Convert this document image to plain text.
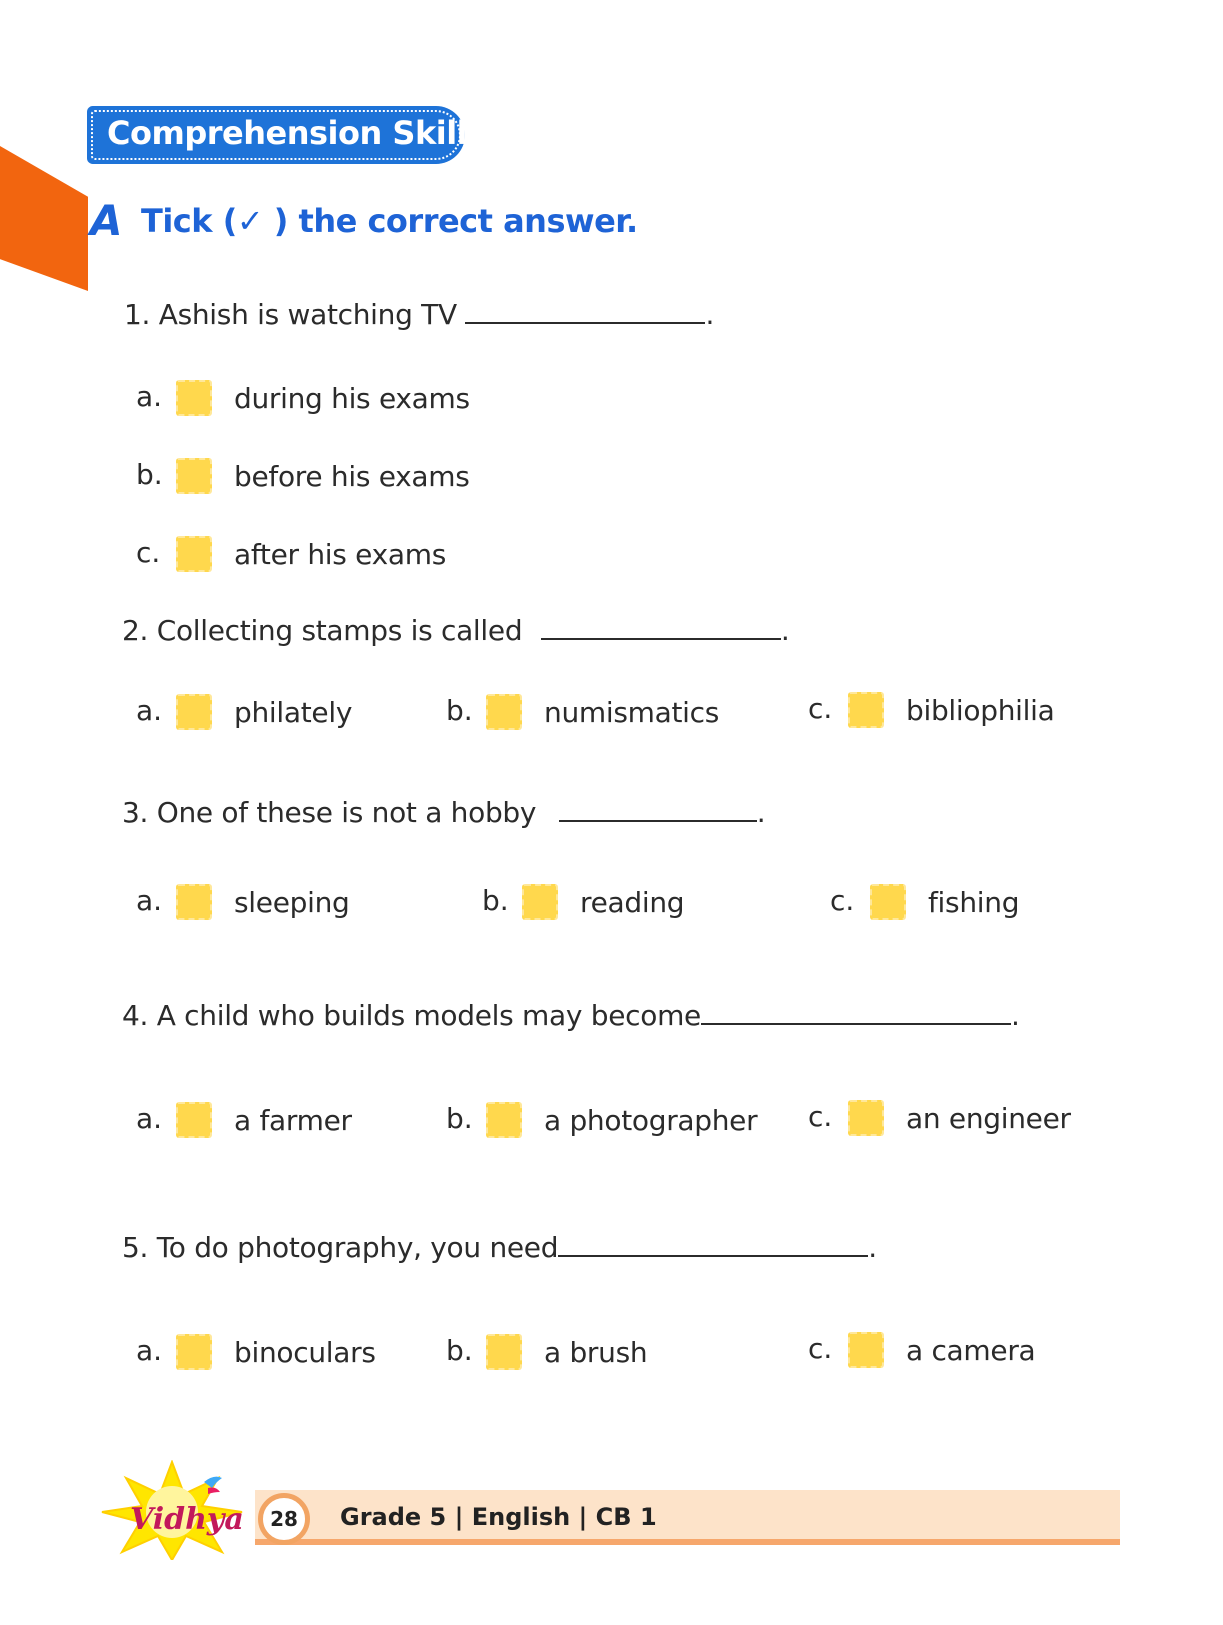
Comprehension Skills
A Tick (✓ ) the correct answer.
1. Ashish is watching TV	.
a.	during his exams
b.	before his exams
c.	after his exams
2. Collecting stamps is called	.
a.	philately	b.	numismatics	c.	bibliophilia
3. One of these is not a hobby	.
a.	sleeping	b.	reading	c.	fishing
4. A child who builds models may become	.
a.	a farmer	b.	a photographer c.	an engineer
5. To do photography, you need	.
a.	binoculars	b.	a brush	c.	a camera
Vidhya	28	Grade 5 | English | CB 1
